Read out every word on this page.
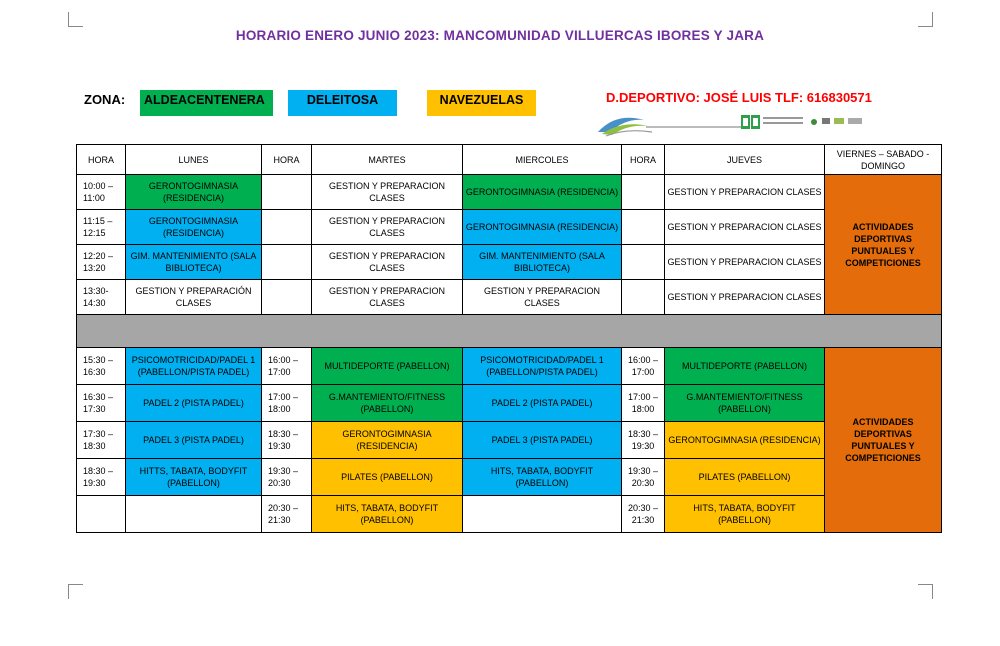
HORARIO ENERO JUNIO 2023: MANCOMUNIDAD VILLUERCAS IBORES Y JARA
ZONA:	ALDEACENTENERA	DELEITOSA	NAVEZUELAS	D.DEPORTIVO: JOSÉ LUIS TLF: 616830571
HORA	LUNES	HORA	MARTES	MIERCOLES	HORA	JUEVES	VIERNES – SABADO - DOMINGO
10:00 – 11:00	GERONTOGIMNASIA (RESIDENCIA)		GESTION Y PREPARACION CLASES	GERONTOGIMNASIA (RESIDENCIA)		GESTION Y PREPARACION CLASES	ACTIVIDADES DEPORTIVAS PUNTUALES Y COMPETICIONES
11:15 – 12:15	GERONTOGIMNASIA (RESIDENCIA)		GESTION Y PREPARACION CLASES	GERONTOGIMNASIA (RESIDENCIA)		GESTION Y PREPARACION CLASES	
12:20 – 13:20	GIM. MANTENIMIENTO (SALA BIBLIOTECA)		GESTION Y PREPARACION CLASES	GIM. MANTENIMIENTO (SALA BIBLIOTECA)		GESTION Y PREPARACION CLASES	
13:30- 14:30	GESTION Y PREPARACIÓN CLASES		GESTION Y PREPARACION CLASES	GESTION Y PREPARACION CLASES		GESTION Y PREPARACION CLASES	

15:30 – 16:30	PSICOMOTRICIDAD/PADEL 1 (PABELLON/PISTA PADEL)	16:00 – 17:00	MULTIDEPORTE (PABELLON)	PSICOMOTRICIDAD/PADEL 1 (PABELLON/PISTA PADEL)	16:00 – 17:00	MULTIDEPORTE (PABELLON)	ACTIVIDADES DEPORTIVAS PUNTUALES Y COMPETICIONES
16:30 – 17:30	PADEL 2 (PISTA PADEL)	17:00 – 18:00	G.MANTEMIENTO/FITNESS (PABELLON)	PADEL 2 (PISTA PADEL)	17:00 – 18:00	G.MANTEMIENTO/FITNESS (PABELLON)	
17:30 – 18:30	PADEL 3 (PISTA PADEL)	18:30 – 19:30	GERONTOGIMNASIA (RESIDENCIA)	PADEL 3 (PISTA PADEL)	18:30 – 19:30	GERONTOGIMNASIA (RESIDENCIA)	
18:30 – 19:30	HITTS, TABATA, BODYFIT (PABELLON)	19:30 – 20:30	PILATES (PABELLON)	HITS, TABATA, BODYFIT (PABELLON)	19:30 – 20:30	PILATES (PABELLON)	
		20:30 – 21:30	HITS, TABATA, BODYFIT (PABELLON)		20:30 – 21:30	HITS, TABATA, BODYFIT (PABELLON)	
